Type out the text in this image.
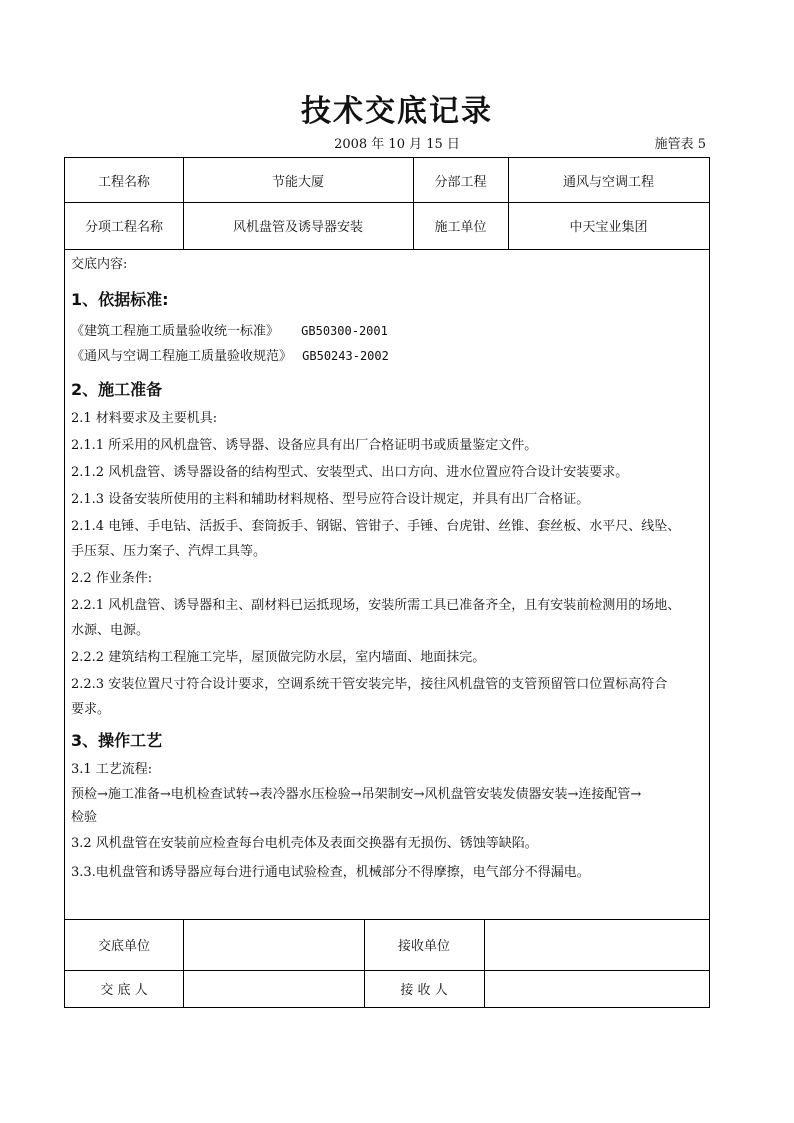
技术交底记录
2008 年 10 月 15 日	施管表 5
工程名称	节能大厦	分部工程	通风与空调工程
分项工程名称	风机盘管及诱导器安装	施工单位	中天宝业集团

交底内容:

1、依据标准:

《建筑工程施工质量验收统一标准》 GB50300-2001

《通风与空调工程施工质量验收规范》 GB50243-2002

2、施工准备

2.1 材料要求及主要机具:

2.1.1 所采用的风机盘管、诱导器、设备应具有出厂合格证明书或质量鉴定文件。

2.1.2 风机盘管、诱导器设备的结构型式、安装型式、出口方向、进水位置应符合设计安装要求。

2.1.3 设备安装所使用的主料和辅助材料规格、型号应符合设计规定，并具有出厂合格证。

2.1.4 电锤、手电钻、活扳手、套筒扳手、钢锯、管钳子、手锤、台虎钳、丝锥、套丝板、水平尺、线坠、

手压泵、压力案子、汽焊工具等。

2.2 作业条件:

2.2.1 风机盘管、诱导器和主、副材料已运抵现场，安装所需工具已准备齐全，且有安装前检测用的场地、

水源、电源。

2.2.2 建筑结构工程施工完毕，屋顶做完防水层，室内墙面、地面抹完。

2.2.3 安装位置尺寸符合设计要求，空调系统干管安装完毕，接往风机盘管的支管预留管口位置标高符合

要求。

3、操作工艺

3.1 工艺流程:

预检→施工准备→电机检查试转→表冷器水压检验→吊架制安→风机盘管安装发债器安装→连接配管→

检验

3.2 风机盘管在安装前应检查每台电机壳体及表面交换器有无损伤、锈蚀等缺陷。

3.3.电机盘管和诱导器应每台进行通电试验检查，机械部分不得摩擦，电气部分不得漏电。

交底单位	接收单位
交 底 人	接 收 人
